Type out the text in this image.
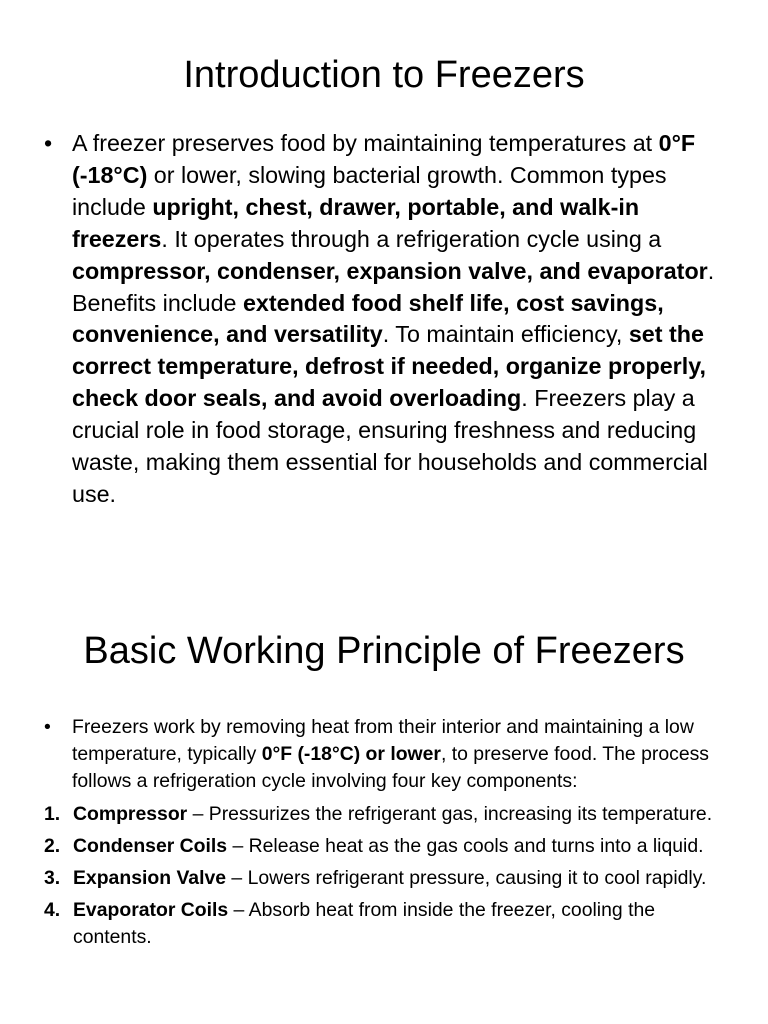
Introduction to Freezers
• A freezer preserves food by maintaining temperatures at 0°F (-18°C) or lower, slowing bacterial growth. Common types include upright, chest, drawer, portable, and walk-in freezers. It operates through a refrigeration cycle using a compressor, condenser, expansion valve, and evaporator. Benefits include extended food shelf life, cost savings, convenience, and versatility. To maintain efficiency, set the correct temperature, defrost if needed, organize properly, check door seals, and avoid overloading. Freezers play a crucial role in food storage, ensuring freshness and reducing waste, making them essential for households and commercial use.
Basic Working Principle of Freezers
•	Freezers work by removing heat from their interior and maintaining a low temperature, typically 0°F (-18°C) or lower, to preserve food. The process follows a refrigeration cycle involving four key components:
1. Compressor – Pressurizes the refrigerant gas, increasing its temperature.
2. Condenser Coils – Release heat as the gas cools and turns into a liquid.
3. Expansion Valve – Lowers refrigerant pressure, causing it to cool rapidly.
4. Evaporator Coils – Absorb heat from inside the freezer, cooling the contents.
